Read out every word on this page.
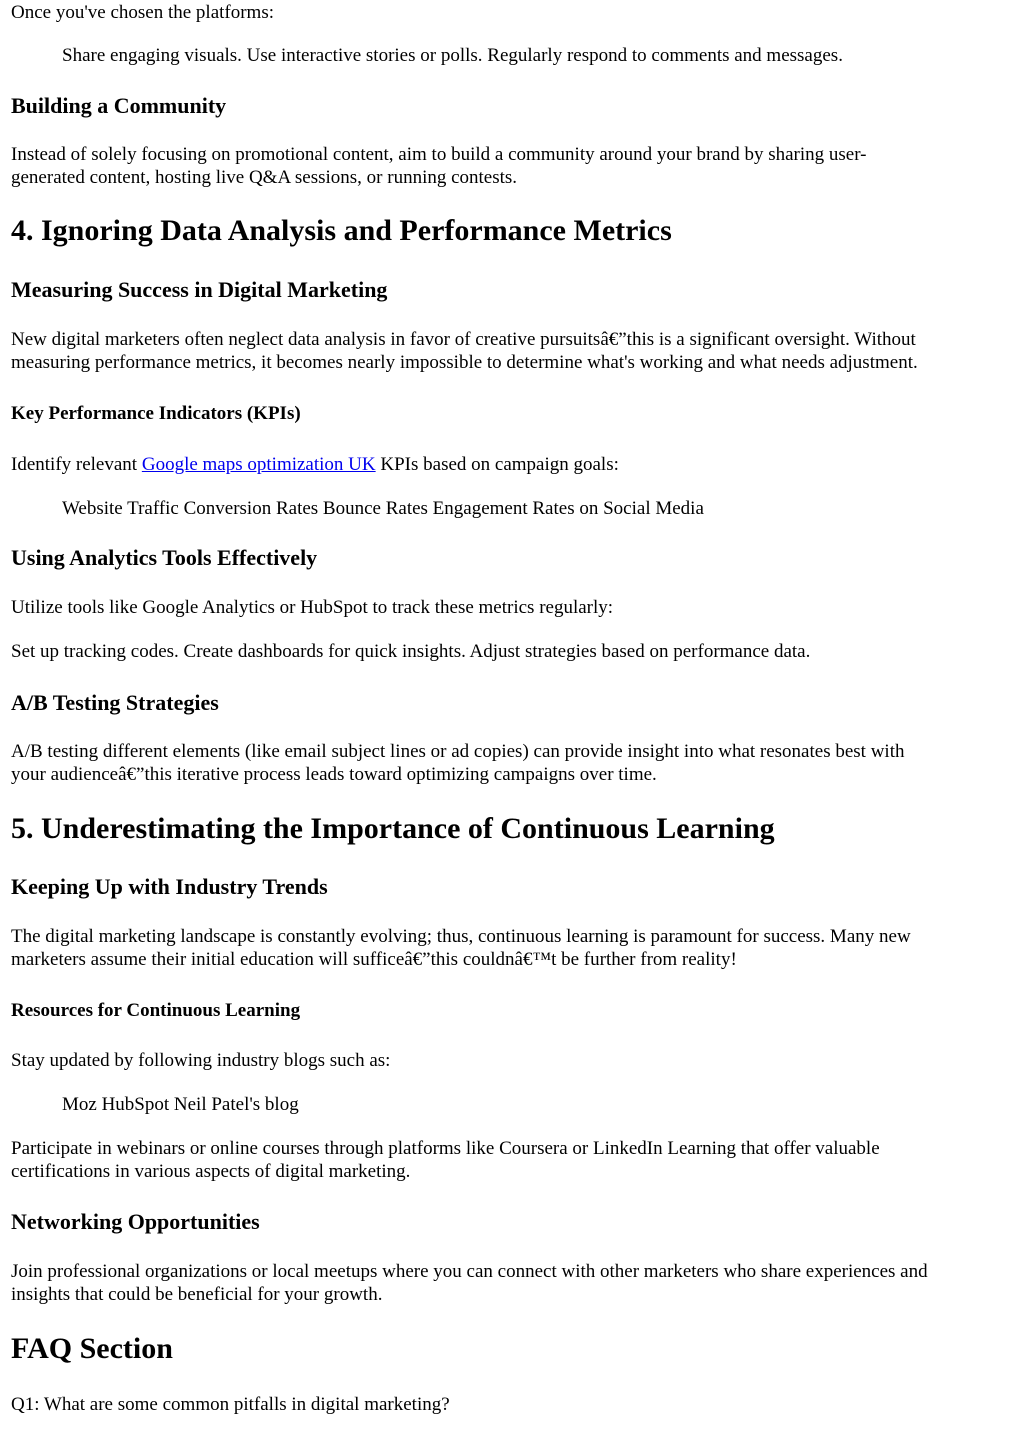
Once you've chosen the platforms:

Share engaging visuals. Use interactive stories or polls. Regularly respond to comments and messages.

Building a Community

Instead of solely focusing on promotional content, aim to build a community around your brand by sharing user-

generated content, hosting live Q&A sessions, or running contests.

4. Ignoring Data Analysis and Performance Metrics
Measuring Success in Digital Marketing

New digital marketers often neglect data analysis in favor of creative pursuitsâ€”this is a significant oversight. Without

measuring performance metrics, it becomes nearly impossible to determine what's working and what needs adjustment.

Key Performance Indicators (KPIs)

Identify relevant Google maps optimization UK KPIs based on campaign goals:

Website Traffic Conversion Rates Bounce Rates Engagement Rates on Social Media

Using Analytics Tools Effectively

Utilize tools like Google Analytics or HubSpot to track these metrics regularly:

Set up tracking codes. Create dashboards for quick insights. Adjust strategies based on performance data.

A/B Testing Strategies

A/B testing different elements (like email subject lines or ad copies) can provide insight into what resonates best with

your audienceâ€”this iterative process leads toward optimizing campaigns over time.

5. Underestimating the Importance of Continuous Learning
Keeping Up with Industry Trends

The digital marketing landscape is constantly evolving; thus, continuous learning is paramount for success. Many new

marketers assume their initial education will sufficeâ€”this couldnâ€™t be further from reality!

Resources for Continuous Learning

Stay updated by following industry blogs such as:

Moz HubSpot Neil Patel's blog

Participate in webinars or online courses through platforms like Coursera or LinkedIn Learning that offer valuable

certifications in various aspects of digital marketing.

Networking Opportunities

Join professional organizations or local meetups where you can connect with other marketers who share experiences and

insights that could be beneficial for your growth.

FAQ Section

Q1: What are some common pitfalls in digital marketing?
